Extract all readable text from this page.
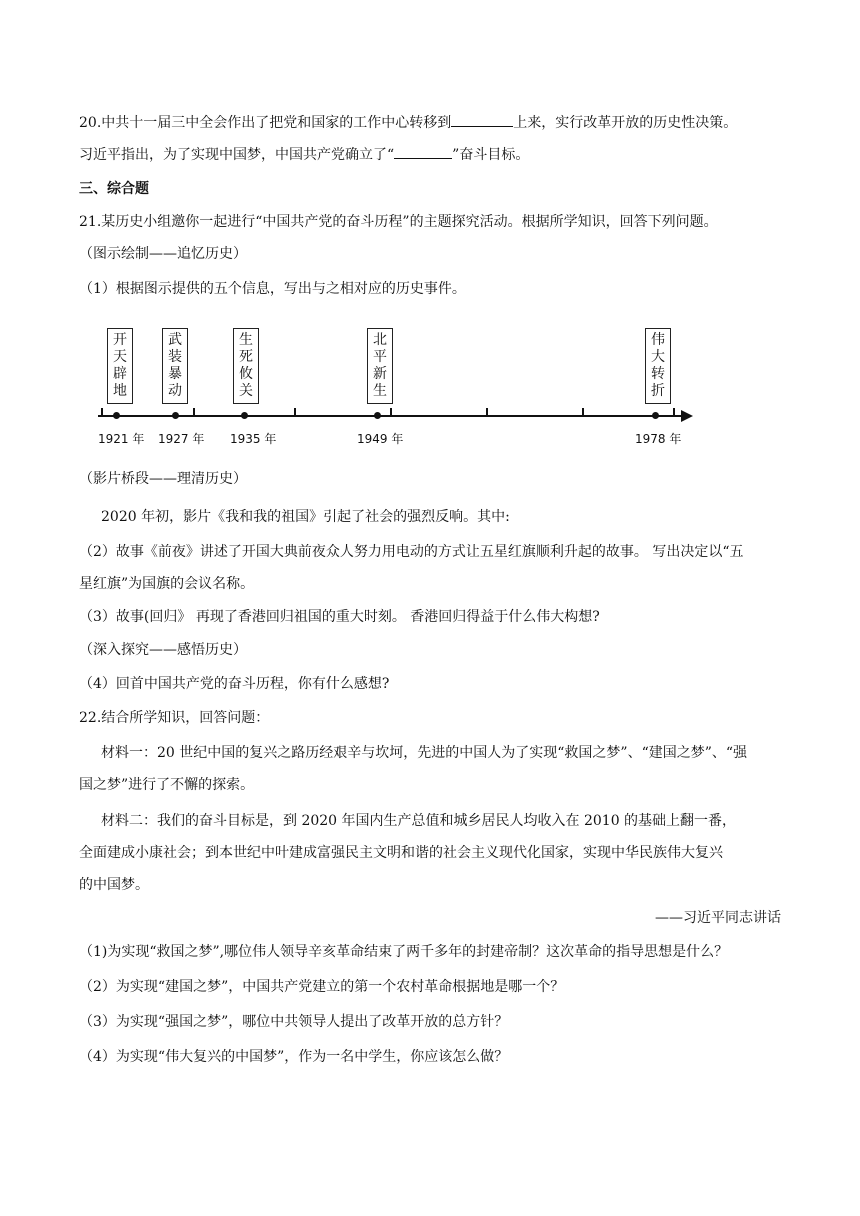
20.中共十一届三中全会作出了把党和国家的工作中心转移到	上来，实行改革开放的历史性决策。
习近平指出，为了实现中国梦，中国共产党确立了“	”奋斗目标。
三、综合题
21.某历史小组邀你一起进行“中国共产党的奋斗历程”的主题探究活动。根据所学知识，回答下列问题。
（图示绘制——追忆历史）
（1）根据图示提供的五个信息，写出与之相对应的历史事件。
开
天
辟
地
武
装
暴
动
生
死
攸
关
北
平
新
生
伟
大
转
折
1921 年 1927 年 1935 年	1949 年	1978 年
（影片桥段——理清历史）
2020 年初，影片《我和我的祖国》引起了社会的强烈反响。其中:
（2）故事《前夜》讲述了开国大典前夜众人努力用电动的方式让五星红旗顺利升起的故事。 写出决定以“五
星红旗”为国旗的会议名称。
（3）故事(回归》 再现了香港回归祖国的重大时刻。 香港回归得益于什么伟大构想?
（深入探究——感悟历史）
（4）回首中国共产党的奋斗历程，你有什么感想?
22.结合所学知识，回答问题：
材料一：20 世纪中国的复兴之路历经艰辛与坎坷，先进的中国人为了实现“救国之梦”、“建国之梦”、“强
国之梦”进行了不懈的探索。
材料二：我们的奋斗目标是，到 2020 年国内生产总值和城乡居民人均收入在 2010 的基础上翻一番，
全面建成小康社会；到本世纪中叶建成富强民主文明和谐的社会主义现代化国家，实现中华民族伟大复兴
的中国梦。
——习近平同志讲话
（1)为实现“救国之梦”,哪位伟人领导辛亥革命结束了两千多年的封建帝制？这次革命的指导思想是什么？
（2）为实现“建国之梦”，中国共产党建立的第一个农村革命根据地是哪一个？
（3）为实现“强国之梦”，哪位中共领导人提出了改革开放的总方针？
（4）为实现“伟大复兴的中国梦”，作为一名中学生，你应该怎么做？
